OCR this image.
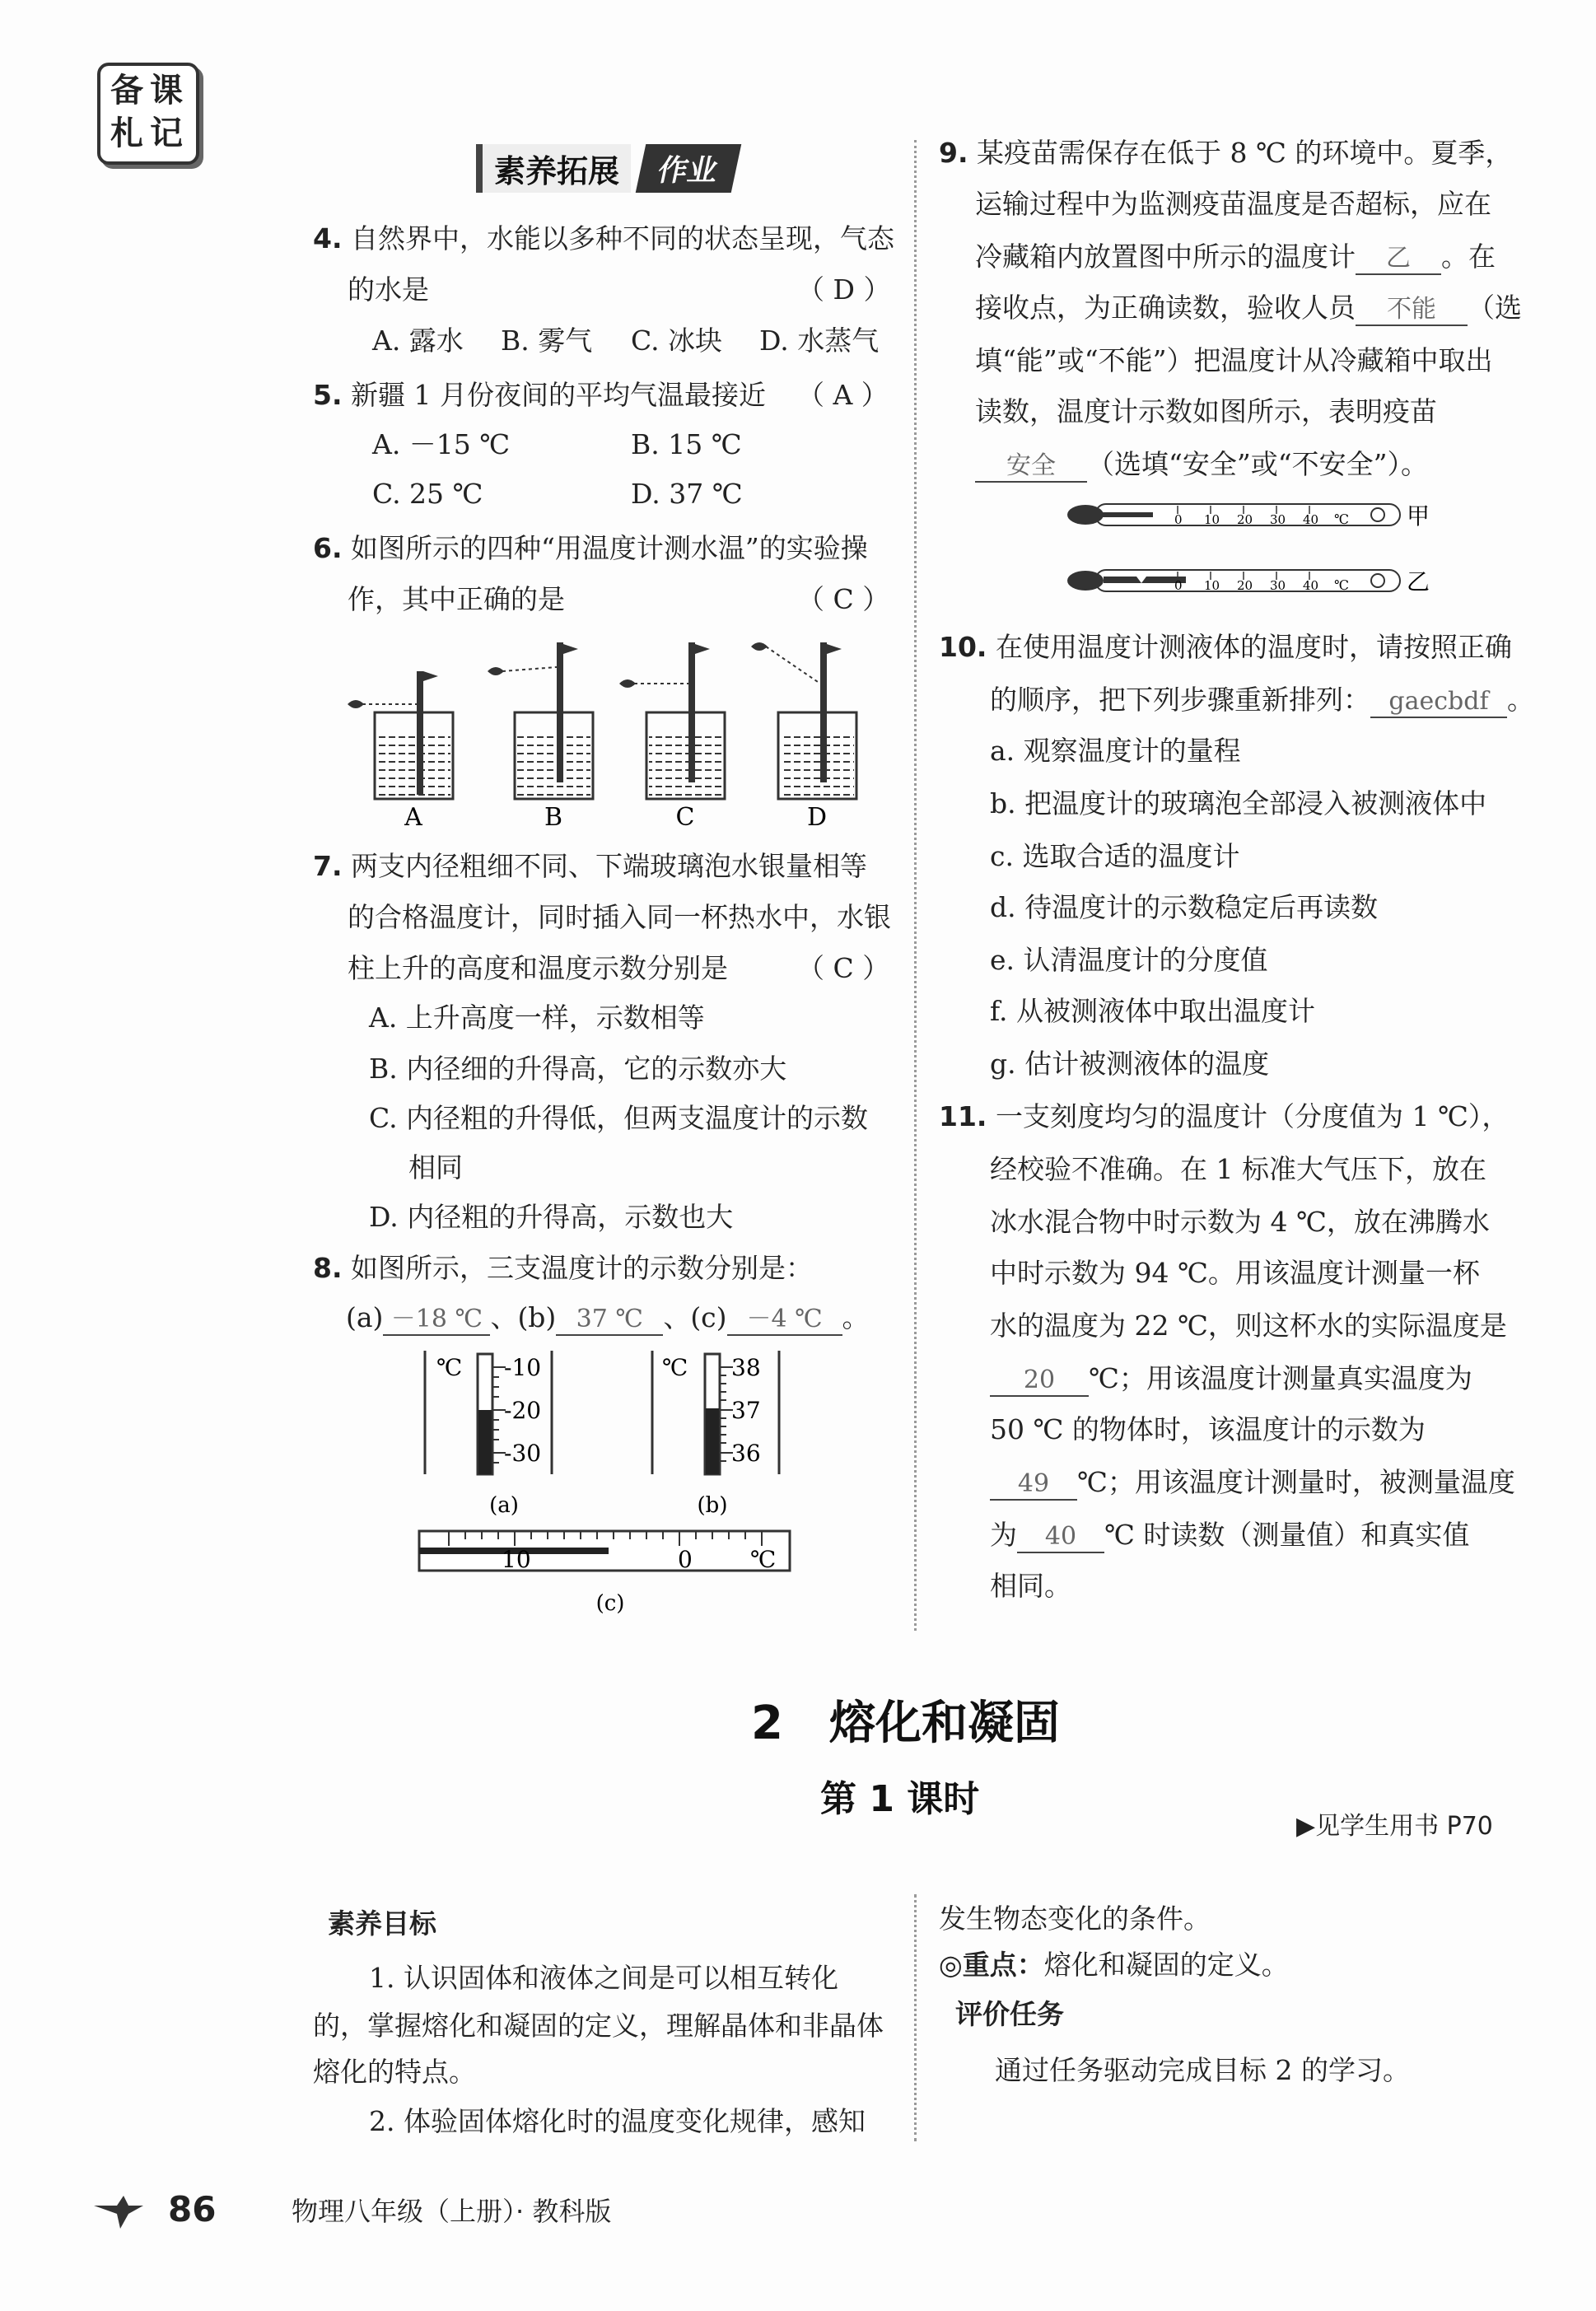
备 课
札 记
素养拓展	作业
4. 自然界中，水能以多种不同的状态呈现，气态
的水是	（ D ）
A. 露水 B. 雾气 C. 冰块 D. 水蒸气
5. 新疆 1 月份夜间的平均气温最接近 （ A ）
A. －15 ℃	B. 15 ℃
C. 25 ℃	D. 37 ℃
6. 如图所示的四种“用温度计测水温”的实验操
作，其中正确的是	（ C ）
A	B	C	D
7. 两支内径粗细不同、下端玻璃泡水银量相等
的合格温度计，同时插入同一杯热水中，水银
柱上升的高度和温度示数分别是	（ C ）
A. 上升高度一样，示数相等
B. 内径细的升得高，它的示数亦大
C. 内径粗的升得低，但两支温度计的示数
相同
D. 内径粗的升得高，示数也大
8. 如图所示，三支温度计的示数分别是：
(a) －18 ℃ 、(b) 37 ℃ 、(c) －4 ℃ 。
℃ -10
-20
-30
(a)
℃ 38
37
36
(b)
10	0	℃
(c)
9. 某疫苗需保存在低于 8 ℃ 的环境中。夏季，
运输过程中为监测疫苗温度是否超标，应在
冷藏箱内放置图中所示的温度计 乙 。在
接收点，为正确读数，验收人员 不能 （选
填“能”或“不能”）把温度计从冷藏箱中取出
读数，温度计示数如图所示，表明疫苗
安全 （选填“安全”或“不安全”）。
0 10 20 30 40 ℃	甲
0 10 20 30 40 ℃	乙
10. 在使用温度计测液体的温度时，请按照正确
的顺序，把下列步骤重新排列： gaecbdf 。
a. 观察温度计的量程
b. 把温度计的玻璃泡全部浸入被测液体中
c. 选取合适的温度计
d. 待温度计的示数稳定后再读数
e. 认清温度计的分度值
f. 从被测液体中取出温度计
g. 估计被测液体的温度
11. 一支刻度均匀的温度计（分度值为 1 ℃），
经校验不准确。在 1 标准大气压下，放在
冰水混合物中时示数为 4 ℃，放在沸腾水
中时示数为 94 ℃。用该温度计测量一杯
水的温度为 22 ℃，则这杯水的实际温度是
20 ℃；用该温度计测量真实温度为
50 ℃ 的物体时，该温度计的示数为
49 ℃；用该温度计测量时，被测量温度
为 40 ℃ 时读数（测量值）和真实值
相同。
2　熔化和凝固
第 1 课时
▶见学生用书 P70
素养目标
1. 认识固体和液体之间是可以相互转化
的，掌握熔化和凝固的定义，理解晶体和非晶体
熔化的特点。
2. 体验固体熔化时的温度变化规律，感知
发生物态变化的条件。
◎重点：熔化和凝固的定义。
评价任务
通过任务驱动完成目标 2 的学习。
86	物理八年级（上册）· 教科版
